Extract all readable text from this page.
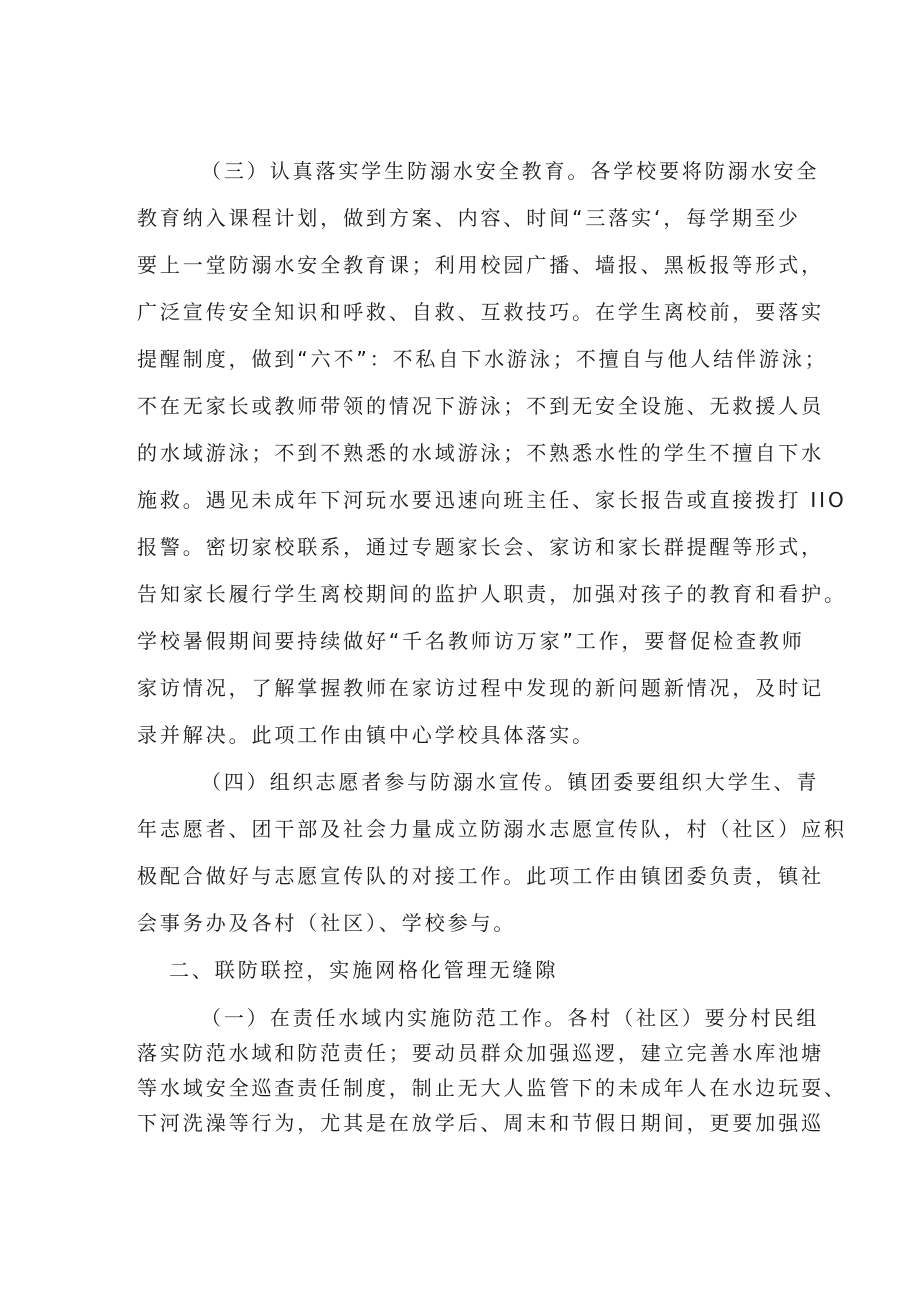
（三）认真落实学生防溺水安全教育。各学校要将防溺水安全

教育纳入课程计划，做到方案、内容、时间“三落实‘，每学期至少

要上一堂防溺水安全教育课；利用校园广播、墙报、黑板报等形式，

广泛宣传安全知识和呼救、自救、互救技巧。在学生离校前，要落实

提醒制度，做到“六不”：不私自下水游泳；不擅自与他人结伴游泳；

不在无家长或教师带领的情况下游泳；不到无安全设施、无救援人员

的水域游泳；不到不熟悉的水域游泳；不熟悉水性的学生不擅自下水

施救。遇见未成年下河玩水要迅速向班主任、家长报告或直接拨打 IIO

报警。密切家校联系，通过专题家长会、家访和家长群提醒等形式，

告知家长履行学生离校期间的监护人职责，加强对孩子的教育和看护。

学校暑假期间要持续做好“千名教师访万家”工作，要督促检查教师

家访情况，了解掌握教师在家访过程中发现的新问题新情况，及时记

录并解决。此项工作由镇中心学校具体落实。

（四）组织志愿者参与防溺水宣传。镇团委要组织大学生、青

年志愿者、团干部及社会力量成立防溺水志愿宣传队，村（社区）应积

极配合做好与志愿宣传队的对接工作。此项工作由镇团委负责，镇社

会事务办及各村（社区）、学校参与。

二、联防联控，实施网格化管理无缝隙

（一）在责任水域内实施防范工作。各村（社区）要分村民组

落实防范水域和防范责任；要动员群众加强巡逻，建立完善水库池塘

等水域安全巡查责任制度，制止无大人监管下的未成年人在水边玩耍、

下河洗澡等行为，尤其是在放学后、周末和节假日期间，更要加强巡
